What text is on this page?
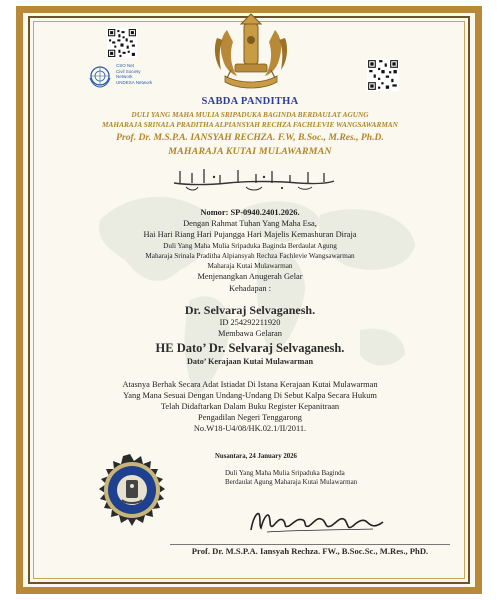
CSO Net
Civil Society
Network
UNDESA Network
SABDA PANDITHA
DULI YANG MAHA MULIA SRIPADUKA BAGINDA BERDAULAT AGUNG
MAHARAJA SRINALA PRADITHA ALPIANSYAH RECHZA FACHLEVIE WANGSAWARMAN
Prof. Dr. M.S.P.A. IANSYAH RECHZA. F.W, B.Soc., M.Res., Ph.D.
MAHARAJA KUTAI MULAWARMAN
Nomor: SP-0940.2401.2026.
Dengan Rahmat Tuhan Yang Maha Esa,
Hai Hari Riang Hari Pujangga Hari Majelis Kemashuran Diraja
Duli Yang Maha Mulia Sripaduka Baginda Berdaulat Agung
Maharaja Srinala Praditha Alpiansyah Rechza Fachlevie Wangsawarman
Maharaja Kutai Mulawarman
Menjenangkan Anugerah Gelar
Kehadapan :
Dr. Selvaraj Selvaganesh.
ID 254292211920
Membawa Gelaran
HE Dato’ Dr. Selvaraj Selvaganesh.
Dato’ Kerajaan Kutai Mulawarman
Atasnya Berhak Secara Adat Istiadat Di Istana Kerajaan Kutai Mulawarman
Yang Mana Sesuai Dengan Undang-Undang Di Sebut Kalpa Secara Hukum
Telah Didaftarkan Dalam Buku Register Kepanitraan
Pengadilan Negeri Tenggarong
No.W18-U4/08/HK.02.1/II/2011.
Nusantara, 24 January 2026
Duli Yang Maha Mulia Sripaduka Baginda
Berdaulat Agung Maharaja Kutai Mulawarman
Prof. Dr. M.S.P.A. Iansyah Rechza. FW., B.Soc.Sc., M.Res., PhD.
